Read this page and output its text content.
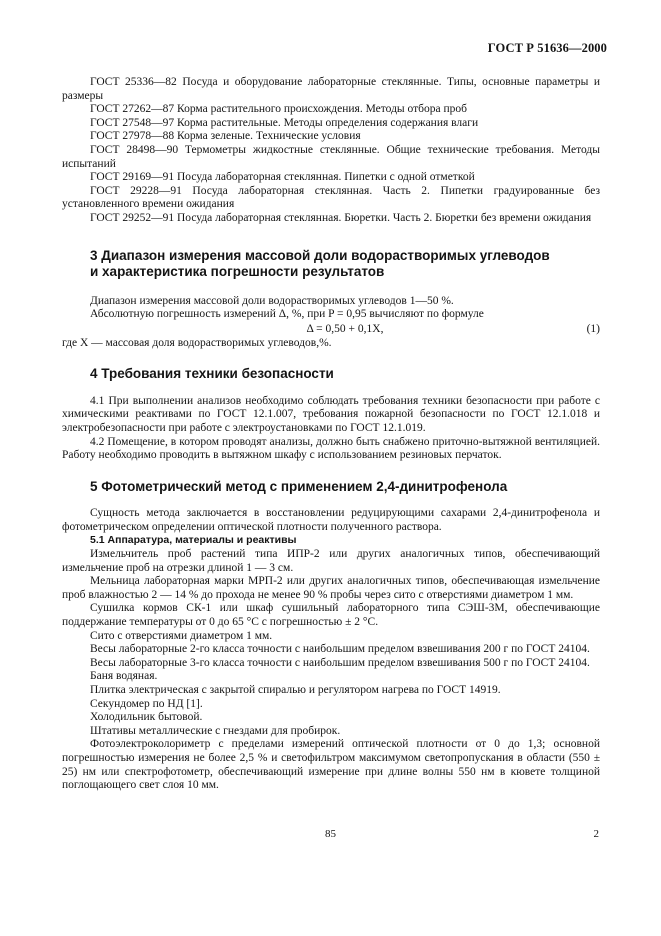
ГОСТ Р 51636—2000
ГОСТ 25336—82 Посуда и оборудование лабораторные стеклянные. Типы, основные параметры и размеры
ГОСТ 27262—87 Корма растительного происхождения. Методы отбора проб
ГОСТ 27548—97 Корма растительные. Методы определения содержания влаги
ГОСТ 27978—88 Корма зеленые. Технические условия
ГОСТ 28498—90 Термометры жидкостные стеклянные. Общие технические требования. Методы испытаний
ГОСТ 29169—91 Посуда лабораторная стеклянная. Пипетки с одной отметкой
ГОСТ 29228—91 Посуда лабораторная стеклянная. Часть 2. Пипетки градуированные без установленного времени ожидания
ГОСТ 29252—91 Посуда лабораторная стеклянная. Бюретки. Часть 2. Бюретки без времени ожидания
3 Диапазон измерения массовой доли водорастворимых углеводов
и характеристика погрешности результатов
Диапазон измерения массовой доли водорастворимых углеводов 1—50 %.
Абсолютную погрешность измерений Δ, %, при P = 0,95 вычисляют по формуле
Δ = 0,50 + 0,1X,	(1)
где X — массовая доля водорастворимых углеводов,%.
4 Требования техники безопасности
4.1 При выполнении анализов необходимо соблюдать требования техники безопасности при работе с химическими реактивами по ГОСТ 12.1.007, требования пожарной безопасности по ГОСТ 12.1.018 и электробезопасности при работе с электроустановками по ГОСТ 12.1.019.
4.2 Помещение, в котором проводят анализы, должно быть снабжено приточно-вытяжной вентиляцией. Работу необходимо проводить в вытяжном шкафу с использованием резиновых перчаток.
5 Фотометрический метод с применением 2,4-динитрофенола
Сущность метода заключается в восстановлении редуцирующими сахарами 2,4-динитрофенола и фотометрическом определении оптической плотности полученного раствора.
5.1 Аппаратура, материалы и реактивы
Измельчитель проб растений типа ИПР-2 или других аналогичных типов, обеспечивающий измельчение проб на отрезки длиной 1 — 3 см.
Мельница лабораторная марки МРП-2 или других аналогичных типов, обеспечивающая измельчение проб влажностью 2 — 14 % до прохода не менее 90 % пробы через сито с отверстиями диаметром 1 мм.
Сушилка кормов СК-1 или шкаф сушильный лабораторного типа СЭШ-3М, обеспечивающие поддержание температуры от 0 до 65 °С с погрешностью ± 2 °С.
Сито с отверстиями диаметром 1 мм.
Весы лабораторные 2-го класса точности с наибольшим пределом взвешивания 200 г по ГОСТ 24104.
Весы лабораторные 3-го класса точности с наибольшим пределом взвешивания 500 г по ГОСТ 24104.
Баня водяная.
Плитка электрическая с закрытой спиралью и регулятором нагрева по ГОСТ 14919.
Секундомер по НД [1].
Холодильник бытовой.
Штативы металлические с гнездами для пробирок.
Фотоэлектроколориметр с пределами измерений оптической плотности от 0 до 1,3; основной погрешностью измерения не более 2,5 % и светофильтром максимумом светопропускания в области (550 ± 25) нм или спектрофотометр, обеспечивающий измерение при длине волны 550 нм в кювете толщиной поглощающего свет слоя 10 мм.
85	2
